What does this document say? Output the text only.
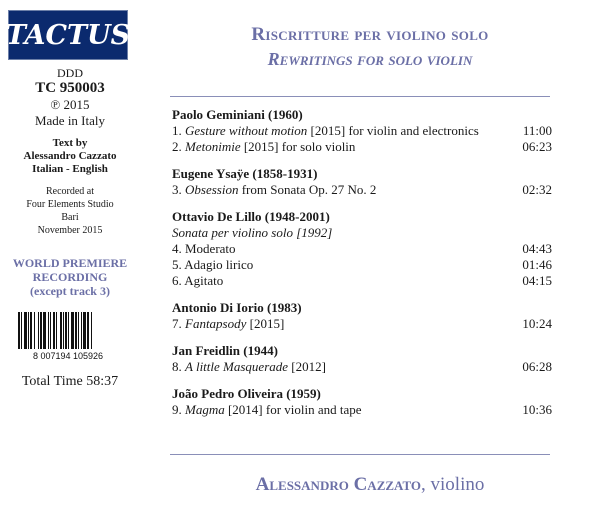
TACTUS
DDD
TC 950003
℗ 2015
Made in Italy
Text by
Alessandro Cazzato
Italian - English
Recorded at
Four Elements Studio
Bari
November 2015
WORLD PREMIERE
RECORDING
(except track 3)
8 007194 105926
Total Time 58:37
Riscritture per violino solo
Rewritings for solo violin
Paolo Geminiani (1960)
1. Gesture without motion [2015] for violin and electronics	11:00
2. Metonimie [2015] for solo violin	06:23
Eugene Ysaÿe (1858-1931)
3. Obsession from Sonata Op. 27 No. 2	02:32
Ottavio De Lillo (1948-2001)
Sonata per violino solo [1992]
4. Moderato	04:43
5. Adagio lirico	01:46
6. Agitato	04:15
Antonio Di Iorio (1983)
7. Fantapsody [2015]	10:24
Jan Freidlin (1944)
8. A little Masquerade [2012]	06:28
João Pedro Oliveira (1959)
9. Magma [2014] for violin and tape	10:36
Alessandro Cazzato, violino
